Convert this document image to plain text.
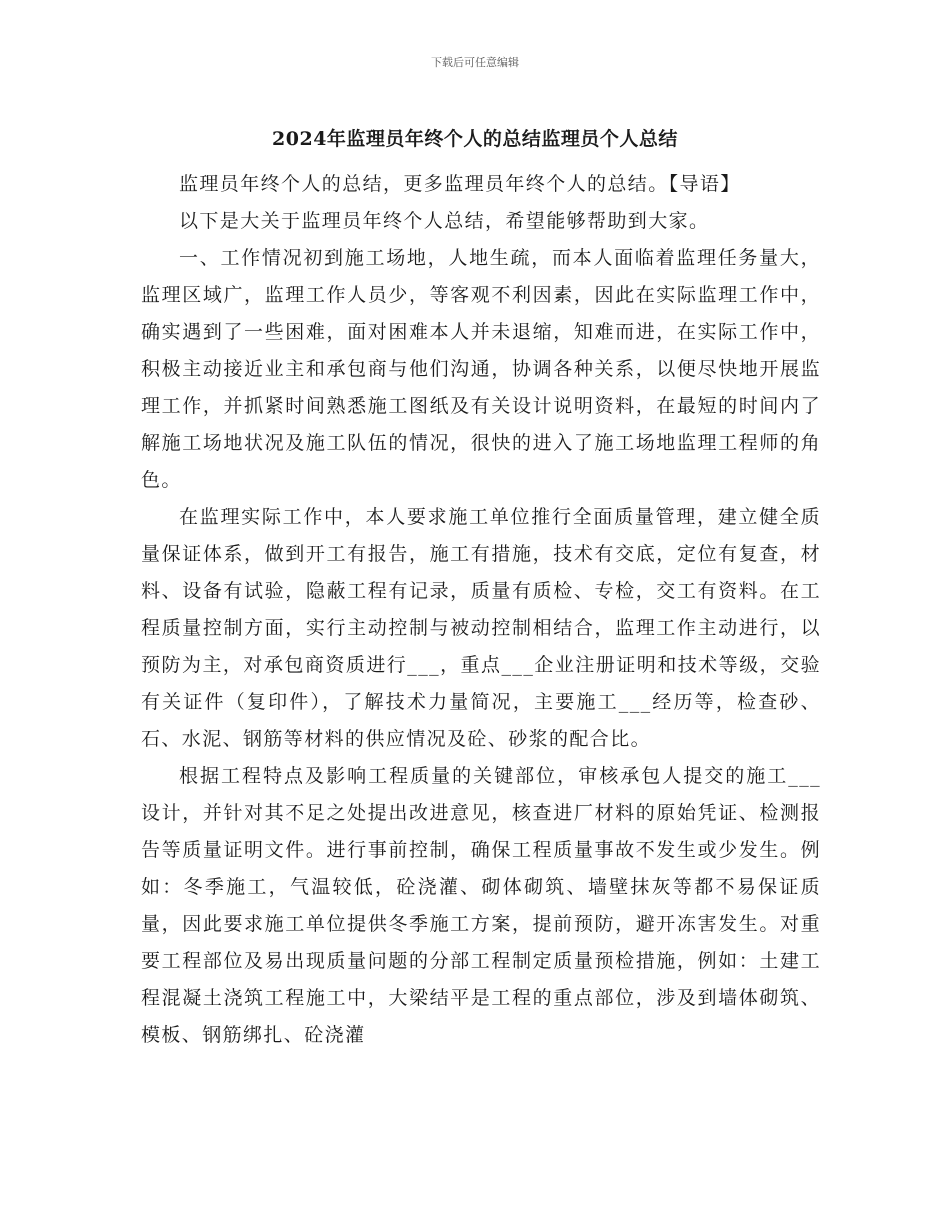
下载后可任意编辑
2024年监理员年终个人的总结监理员个人总结

监理员年终个人的总结，更多监理员年终个人的总结。【导语】

以下是大关于监理员年终个人总结，希望能够帮助到大家。

一、工作情况初到施工场地，人地生疏，而本人面临着监理任务量大，监理区域广，监理工作人员少，等客观不利因素，因此在实际监理工作中，确实遇到了一些困难，面对困难本人并未退缩，知难而进，在实际工作中，积极主动接近业主和承包商与他们沟通，协调各种关系，以便尽快地开展监理工作，并抓紧时间熟悉施工图纸及有关设计说明资料，在最短的时间内了解施工场地状况及施工队伍的情况，很快的进入了施工场地监理工程师的角色。

在监理实际工作中，本人要求施工单位推行全面质量管理，建立健全质量保证体系，做到开工有报告，施工有措施，技术有交底，定位有复查，材料、设备有试验，隐蔽工程有记录，质量有质检、专检，交工有资料。在工程质量控制方面，实行主动控制与被动控制相结合，监理工作主动进行，以预防为主，对承包商资质进行___，重点___企业注册证明和技术等级，交验有关证件（复印件），了解技术力量简况，主要施工___经历等，检查砂、石、水泥、钢筋等材料的供应情况及砼、砂浆的配合比。

根据工程特点及影响工程质量的关键部位，审核承包人提交的施工___设计，并针对其不足之处提出改进意见，核查进厂材料的原始凭证、检测报告等质量证明文件。进行事前控制，确保工程质量事故不发生或少发生。例如：冬季施工，气温较低，砼浇灌、砌体砌筑、墙壁抹灰等都不易保证质量，因此要求施工单位提供冬季施工方案，提前预防，避开冻害发生。对重要工程部位及易出现质量问题的分部工程制定质量预检措施，例如：土建工程混凝土浇筑工程施工中，大梁结平是工程的重点部位，涉及到墙体砌筑、模板、钢筋绑扎、砼浇灌
